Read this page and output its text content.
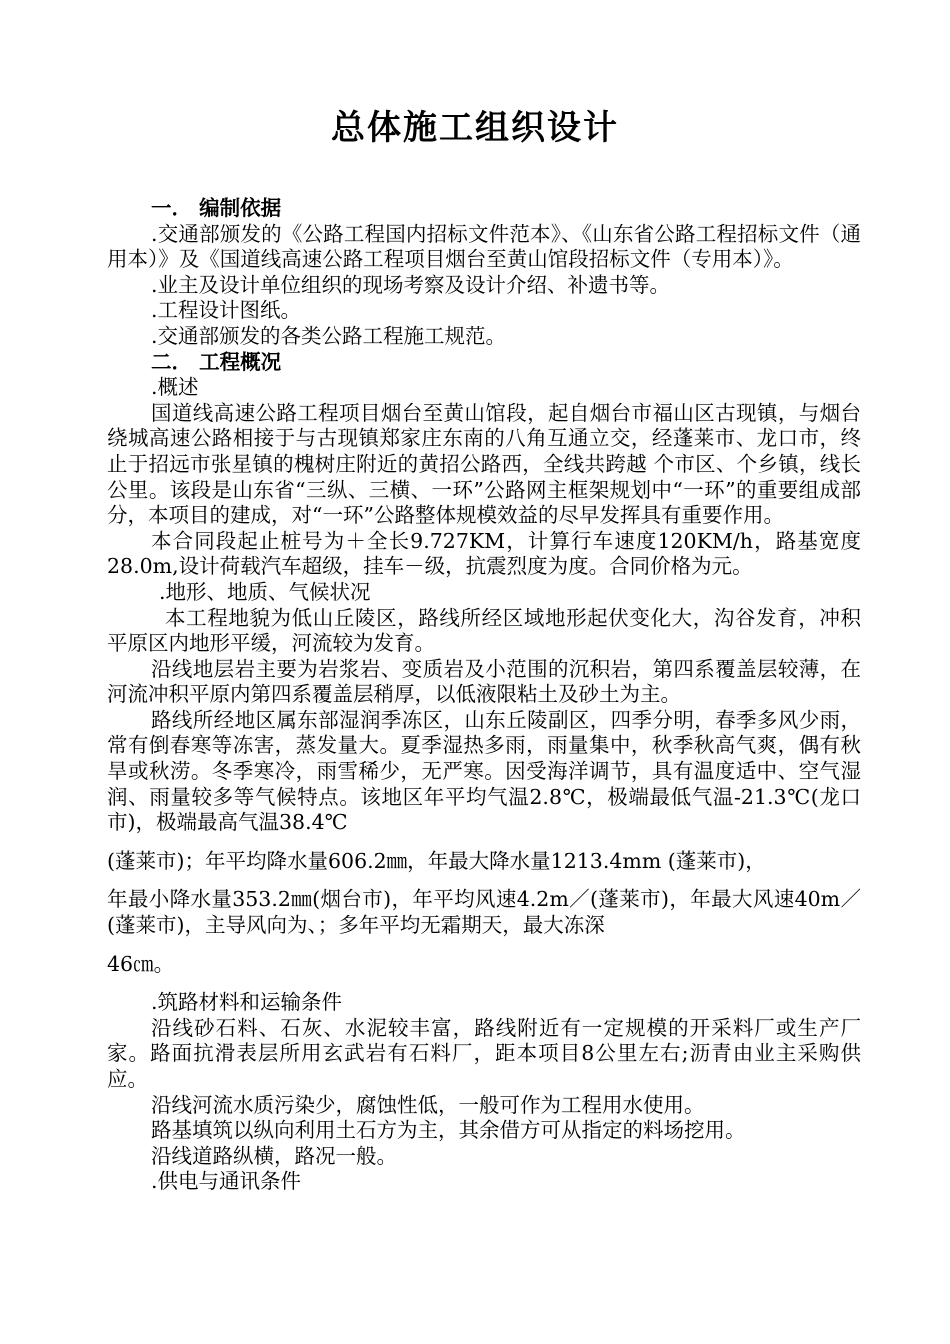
总体施工组织设计

一． 编制依据

.交通部颁发的《公路工程国内招标文件范本》、《山东省公路工程招标文件（通用本）》及《国道线高速公路工程项目烟台至黄山馆段招标文件（专用本）》。

.业主及设计单位组织的现场考察及设计介绍、补遗书等。

.工程设计图纸。

.交通部颁发的各类公路工程施工规范。

二． 工程概况

.概述

国道线高速公路工程项目烟台至黄山馆段，起自烟台市福山区古现镇，与烟台绕城高速公路相接于与古现镇郑家庄东南的八角互通立交，经蓬莱市、龙口市，终止于招远市张星镇的槐树庄附近的黄招公路西，全线共跨越 个市区、个乡镇，线长公里。该段是山东省“三纵、三横、一环”公路网主框架规划中“一环”的重要组成部分，本项目的建成，对“一环”公路整体规模效益的尽早发挥具有重要作用。

本合同段起止桩号为＋全长9.727KM，计算行车速度120KM/h，路基宽度28.0m,设计荷载汽车超级，挂车－级，抗震烈度为度。合同价格为元。

.地形、地质、气候状况

本工程地貌为低山丘陵区，路线所经区域地形起伏变化大，沟谷发育，冲积平原区内地形平缓，河流较为发育。

沿线地层岩主要为岩浆岩、变质岩及小范围的沉积岩，第四系覆盖层较薄，在河流冲积平原内第四系覆盖层稍厚，以低液限粘土及砂土为主。

路线所经地区属东部湿润季冻区，山东丘陵副区，四季分明，春季多风少雨，常有倒春寒等冻害，蒸发量大。夏季湿热多雨，雨量集中，秋季秋高气爽，偶有秋旱或秋涝。冬季寒冷，雨雪稀少，无严寒。因受海洋调节，具有温度适中、空气湿润、雨量较多等气候特点。该地区年平均气温2.8℃，极端最低气温-21.3℃(龙口市)，极端最高气温38.4℃

(蓬莱市)；年平均降水量606.2㎜，年最大降水量1213.4mm (蓬莱市)，

年最小降水量353.2㎜(烟台市)，年平均风速4.2m／(蓬莱市)，年最大风速40m／(蓬莱市)，主导风向为、；多年平均无霜期天，最大冻深

46㎝。

.筑路材料和运输条件

沿线砂石料、石灰、水泥较丰富，路线附近有一定规模的开采料厂或生产厂家。路面抗滑表层所用玄武岩有石料厂，距本项目8公里左右;沥青由业主采购供应。

沿线河流水质污染少，腐蚀性低，一般可作为工程用水使用。

路基填筑以纵向利用土石方为主，其余借方可从指定的料场挖用。

沿线道路纵横，路况一般。

.供电与通讯条件
